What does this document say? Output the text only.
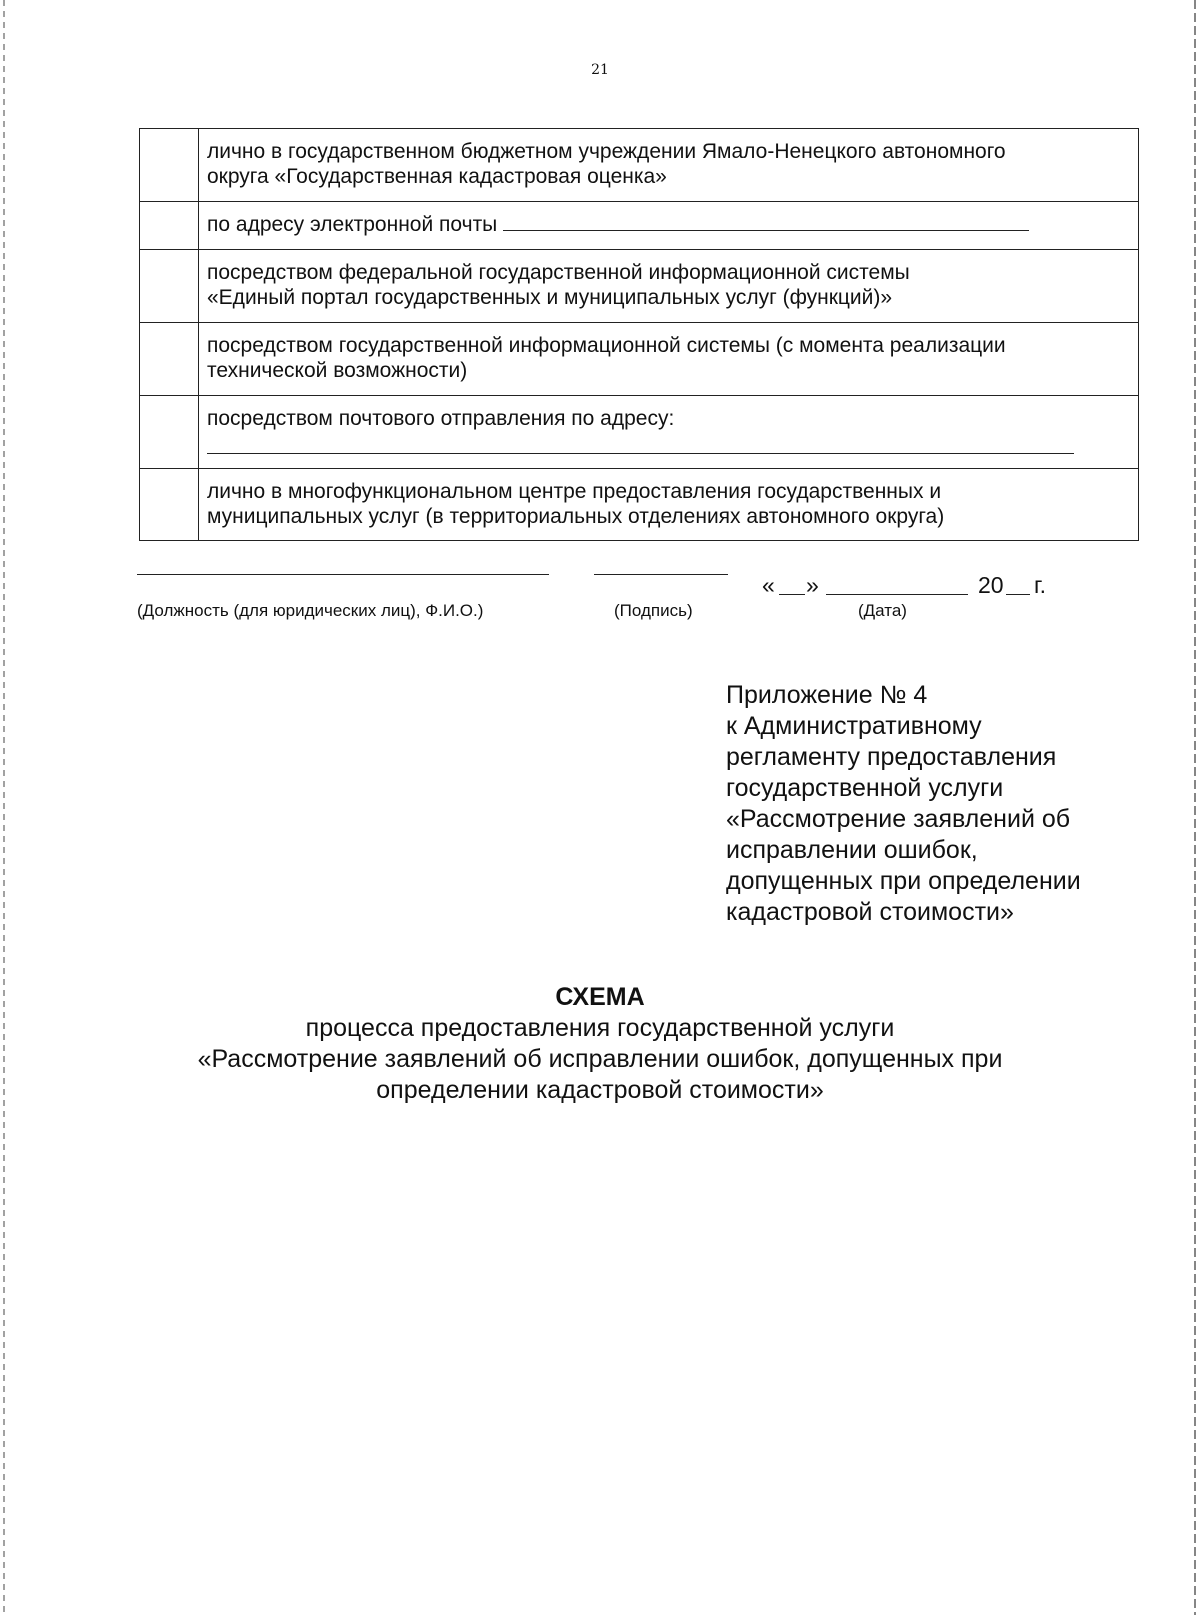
21

	лично в государственном бюджетном учреждении Ямало-Ненецкого автономного
округа «Государственная кадастровая оценка»

	по адресу электронной почты

	посредством федеральной государственной информационной системы
«Единый портал государственных и муниципальных услуг (функций)»

	посредством государственной информационной системы (с момента реализации
технической возможности)

	посредством почтового отправления по адресу:

	лично в многофункциональном центре предоставления государственных и
муниципальных услуг (в территориальных отделениях автономного округа)
(Должность (для юридических лиц), Ф.И.О.)	(Подпись)
« »	20 г.
(Дата)
Приложение № 4
к Административному
регламенту предоставления
государственной услуги
«Рассмотрение заявлений об
исправлении ошибок,
допущенных при определении
кадастровой стоимости»
СХЕМА
процесса предоставления государственной услуги
«Рассмотрение заявлений об исправлении ошибок, допущенных при
определении кадастровой стоимости»
